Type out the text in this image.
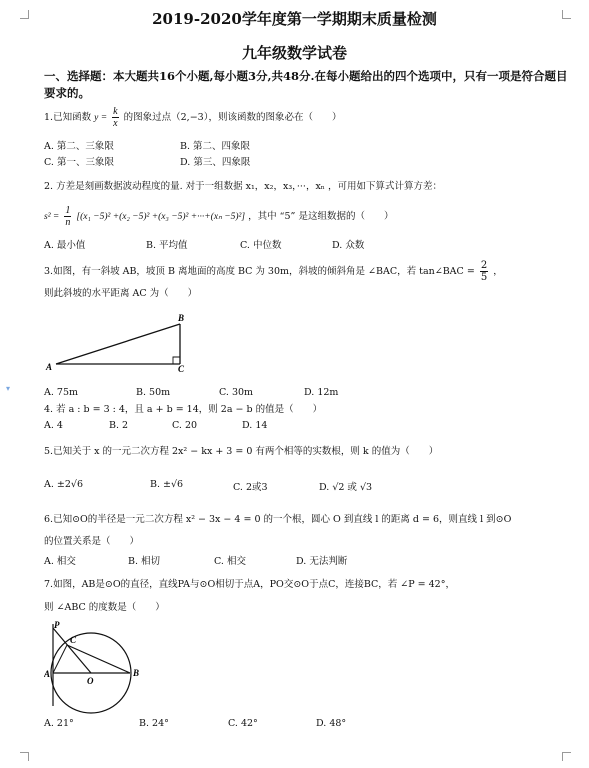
▾
2019-2020学年度第一学期期末质量检测
九年级数学试卷
一、选择题：本大题共16个小题,每小题3分,共48分.在每小题给出的四个选项中，只有一项是符合题目要求的。
1.已知函数 $y = \frac{k}{x}$ 的图象过点（2,−3），则该函数的图象必在（　　）
A. 第二、三象限	B. 第二、四象限
C. 第一、三象限	D. 第三、四象限
2. 方差是刻画数据波动程度的量. 对于一组数据 x₁，x₂，x₃，···，xₙ ，可用如下算式计算方差：
$s^2 = \frac{1}{n} [(x_1 -5)^2 +(x_2 -5)^2 +(x_3 -5)^2 +\cdot\cdot\cdot+(x_n -5)^2]$ ，其中 “5” 是这组数据的（　　）
A. 最小值	B. 平均值	C. 中位数	D. 众数
3.如图，有一斜坡 AB，坡顶 B 离地面的高度 BC 为 30m，斜坡的倾斜角是 ∠BAC，若 tan∠BAC = $\frac{2}{5}$ ，
则此斜坡的水平距离 AC 为（　　）
A
B
C
A. 75m	B. 50m	C. 30m	D. 12m
4. 若 a : b = 3 : 4，且 a + b = 14，则 2a − b 的值是（　　）
A. 4	B. 2	C. 20	D. 14
5.已知关于 x 的一元二次方程 2x² − kx + 3 = 0 有两个相等的实数根，则 k 的值为（　　）
A. ±2√6	B. ±√6	C. 2或3	D. √2 或 √3
6.已知⊙O的半径是一元二次方程 x² − 3x − 4 = 0 的一个根，圆心 O 到直线 l 的距离 d = 6，则直线 l 到⊙O
的位置关系是（　　）
A. 相交	B. 相切	C. 相交	D. 无法判断
7.如图，AB是⊙O的直径，直线PA与⊙O相切于点A，PO交⊙O于点C，连接BC，若 ∠P = 42°，
则 ∠ABC 的度数是（　　）
P
C
A
O
B
A. 21°	B. 24°	C. 42°	D. 48°
